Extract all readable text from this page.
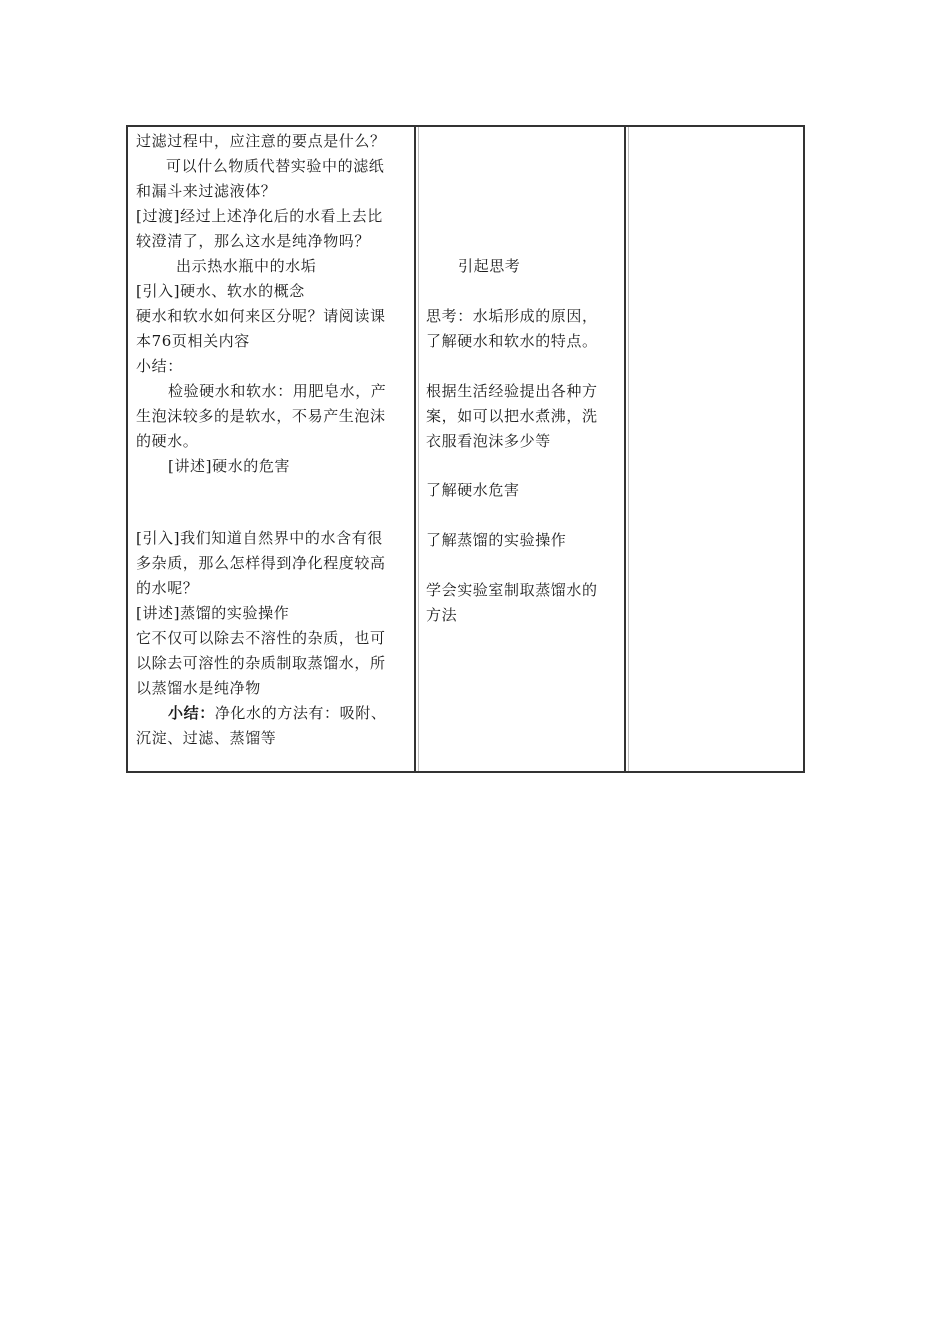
过滤过程中，应注意的要点是什么？
可以什么物质代替实验中的滤纸
和漏斗来过滤液体？
[过渡]经过上述净化后的水看上去比
较澄清了，那么这水是纯净物吗？
出示热水瓶中的水垢
[引入]硬水、软水的概念
硬水和软水如何来区分呢？请阅读课
本76页相关内容
小结：
检验硬水和软水：用肥皂水，产
生泡沫较多的是软水，不易产生泡沫
的硬水。
[讲述]硬水的危害
[引入]我们知道自然界中的水含有很
多杂质，那么怎样得到净化程度较高
的水呢？
[讲述]蒸馏的实验操作
它不仅可以除去不溶性的杂质，也可
以除去可溶性的杂质制取蒸馏水，所
以蒸馏水是纯净物
小结：净化水的方法有：吸附、
沉淀、过滤、蒸馏等
引起思考
思考：水垢形成的原因，
了解硬水和软水的特点。
根据生活经验提出各种方
案，如可以把水煮沸，洗
衣服看泡沫多少等
了解硬水危害
了解蒸馏的实验操作
学会实验室制取蒸馏水的
方法
